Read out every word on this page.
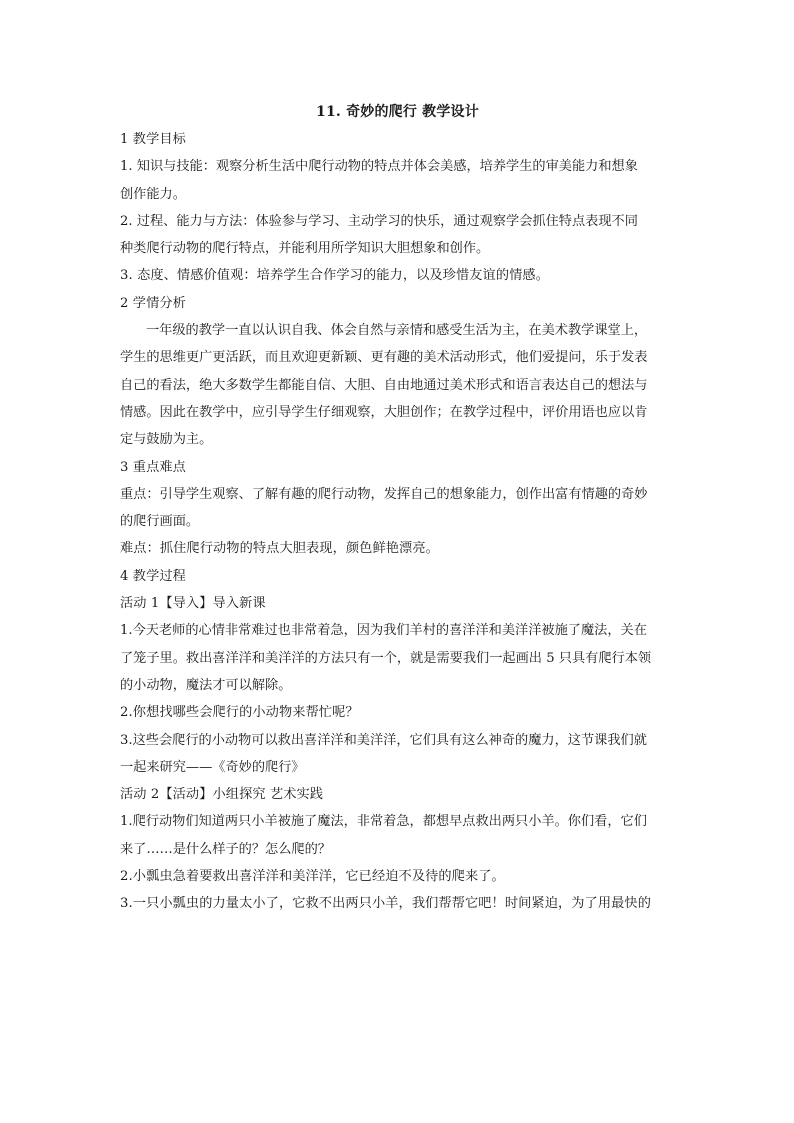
11. 奇妙的爬行 教学设计
1 教学目标
1. 知识与技能：观察分析生活中爬行动物的特点并体会美感，培养学生的审美能力和想象
创作能力。
2. 过程、能力与方法：体验参与学习、主动学习的快乐，通过观察学会抓住特点表现不同
种类爬行动物的爬行特点，并能利用所学知识大胆想象和创作。
3. 态度、情感价值观：培养学生合作学习的能力，以及珍惜友谊的情感。
2 学情分析
一年级的教学一直以认识自我、体会自然与亲情和感受生活为主，在美术教学课堂上，
学生的思维更广更活跃，而且欢迎更新颖、更有趣的美术活动形式，他们爱提问，乐于发表
自己的看法，绝大多数学生都能自信、大胆、自由地通过美术形式和语言表达自己的想法与
情感。因此在教学中，应引导学生仔细观察，大胆创作；在教学过程中，评价用语也应以肯
定与鼓励为主。
3 重点难点
重点：引导学生观察、了解有趣的爬行动物，发挥自己的想象能力，创作出富有情趣的奇妙
的爬行画面。
难点：抓住爬行动物的特点大胆表现，颜色鲜艳漂亮。
4 教学过程
活动 1【导入】导入新课
1.今天老师的心情非常难过也非常着急，因为我们羊村的喜洋洋和美洋洋被施了魔法，关在
了笼子里。救出喜洋洋和美洋洋的方法只有一个，就是需要我们一起画出 5 只具有爬行本领
的小动物，魔法才可以解除。
2.你想找哪些会爬行的小动物来帮忙呢？
3.这些会爬行的小动物可以救出喜洋洋和美洋洋，它们具有这么神奇的魔力，这节课我们就
一起来研究——《奇妙的爬行》
活动 2【活动】小组探究 艺术实践
1.爬行动物们知道两只小羊被施了魔法，非常着急，都想早点救出两只小羊。你们看，它们
来了……是什么样子的？怎么爬的？
2.小瓢虫急着要救出喜洋洋和美洋洋，它已经迫不及待的爬来了。
3.一只小瓢虫的力量太小了，它救不出两只小羊，我们帮帮它吧！时间紧迫，为了用最快的
